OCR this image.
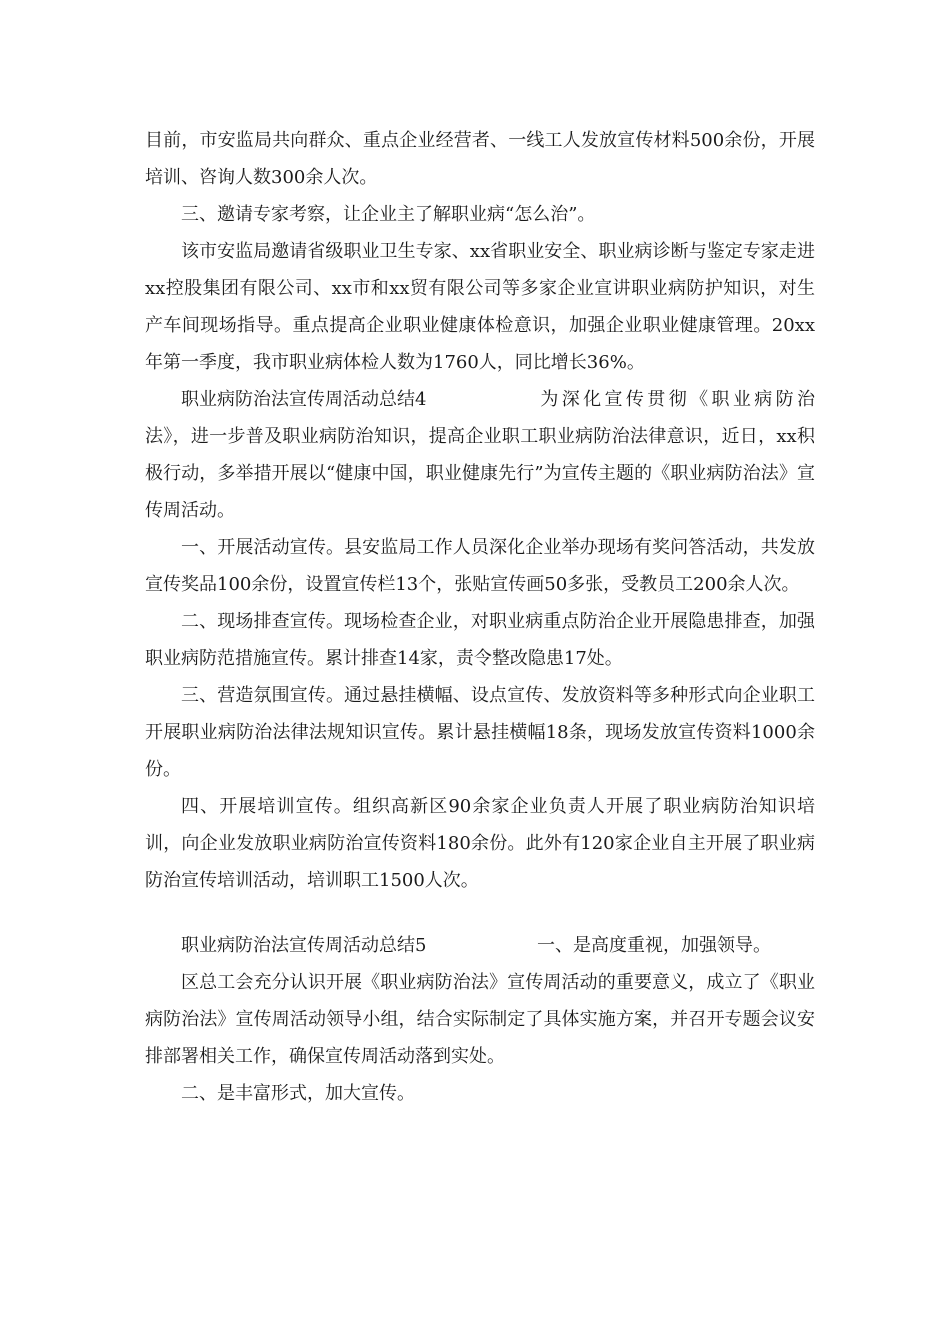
目前，市安监局共向群众、重点企业经营者、一线工人发放宣传材料500余份，开展培训、咨询人数300余人次。

三、邀请专家考察，让企业主了解职业病“怎么治”。

该市安监局邀请省级职业卫生专家、xx省职业安全、职业病诊断与鉴定专家走进xx控股集团有限公司、xx市和xx贸有限公司等多家企业宣讲职业病防护知识，对生产车间现场指导。重点提高企业职业健康体检意识，加强企业职业健康管理。20xx年第一季度，我市职业病体检人数为1760人，同比增长36%。

职业病防治法宣传周活动总结4	为深化宣传贯彻《职业病防治法》，进一步普及职业病防治知识，提高企业职工职业病防治法律意识，近日，xx积极行动，多举措开展以“健康中国，职业健康先行”为宣传主题的《职业病防治法》宣传周活动。

一、开展活动宣传。县安监局工作人员深化企业举办现场有奖问答活动，共发放宣传奖品100余份，设置宣传栏13个，张贴宣传画50多张，受教员工200余人次。

二、现场排查宣传。现场检查企业，对职业病重点防治企业开展隐患排查，加强职业病防范措施宣传。累计排查14家，责令整改隐患17处。

三、营造氛围宣传。通过悬挂横幅、设点宣传、发放资料等多种形式向企业职工开展职业病防治法律法规知识宣传。累计悬挂横幅18条，现场发放宣传资料1000余份。

四、开展培训宣传。组织高新区90余家企业负责人开展了职业病防治知识培训，向企业发放职业病防治宣传资料180余份。此外有120家企业自主开展了职业病防治宣传培训活动，培训职工1500人次。

职业病防治法宣传周活动总结5	一、是高度重视，加强领导。

区总工会充分认识开展《职业病防治法》宣传周活动的重要意义，成立了《职业病防治法》宣传周活动领导小组，结合实际制定了具体实施方案，并召开专题会议安排部署相关工作，确保宣传周活动落到实处。

二、是丰富形式，加大宣传。
